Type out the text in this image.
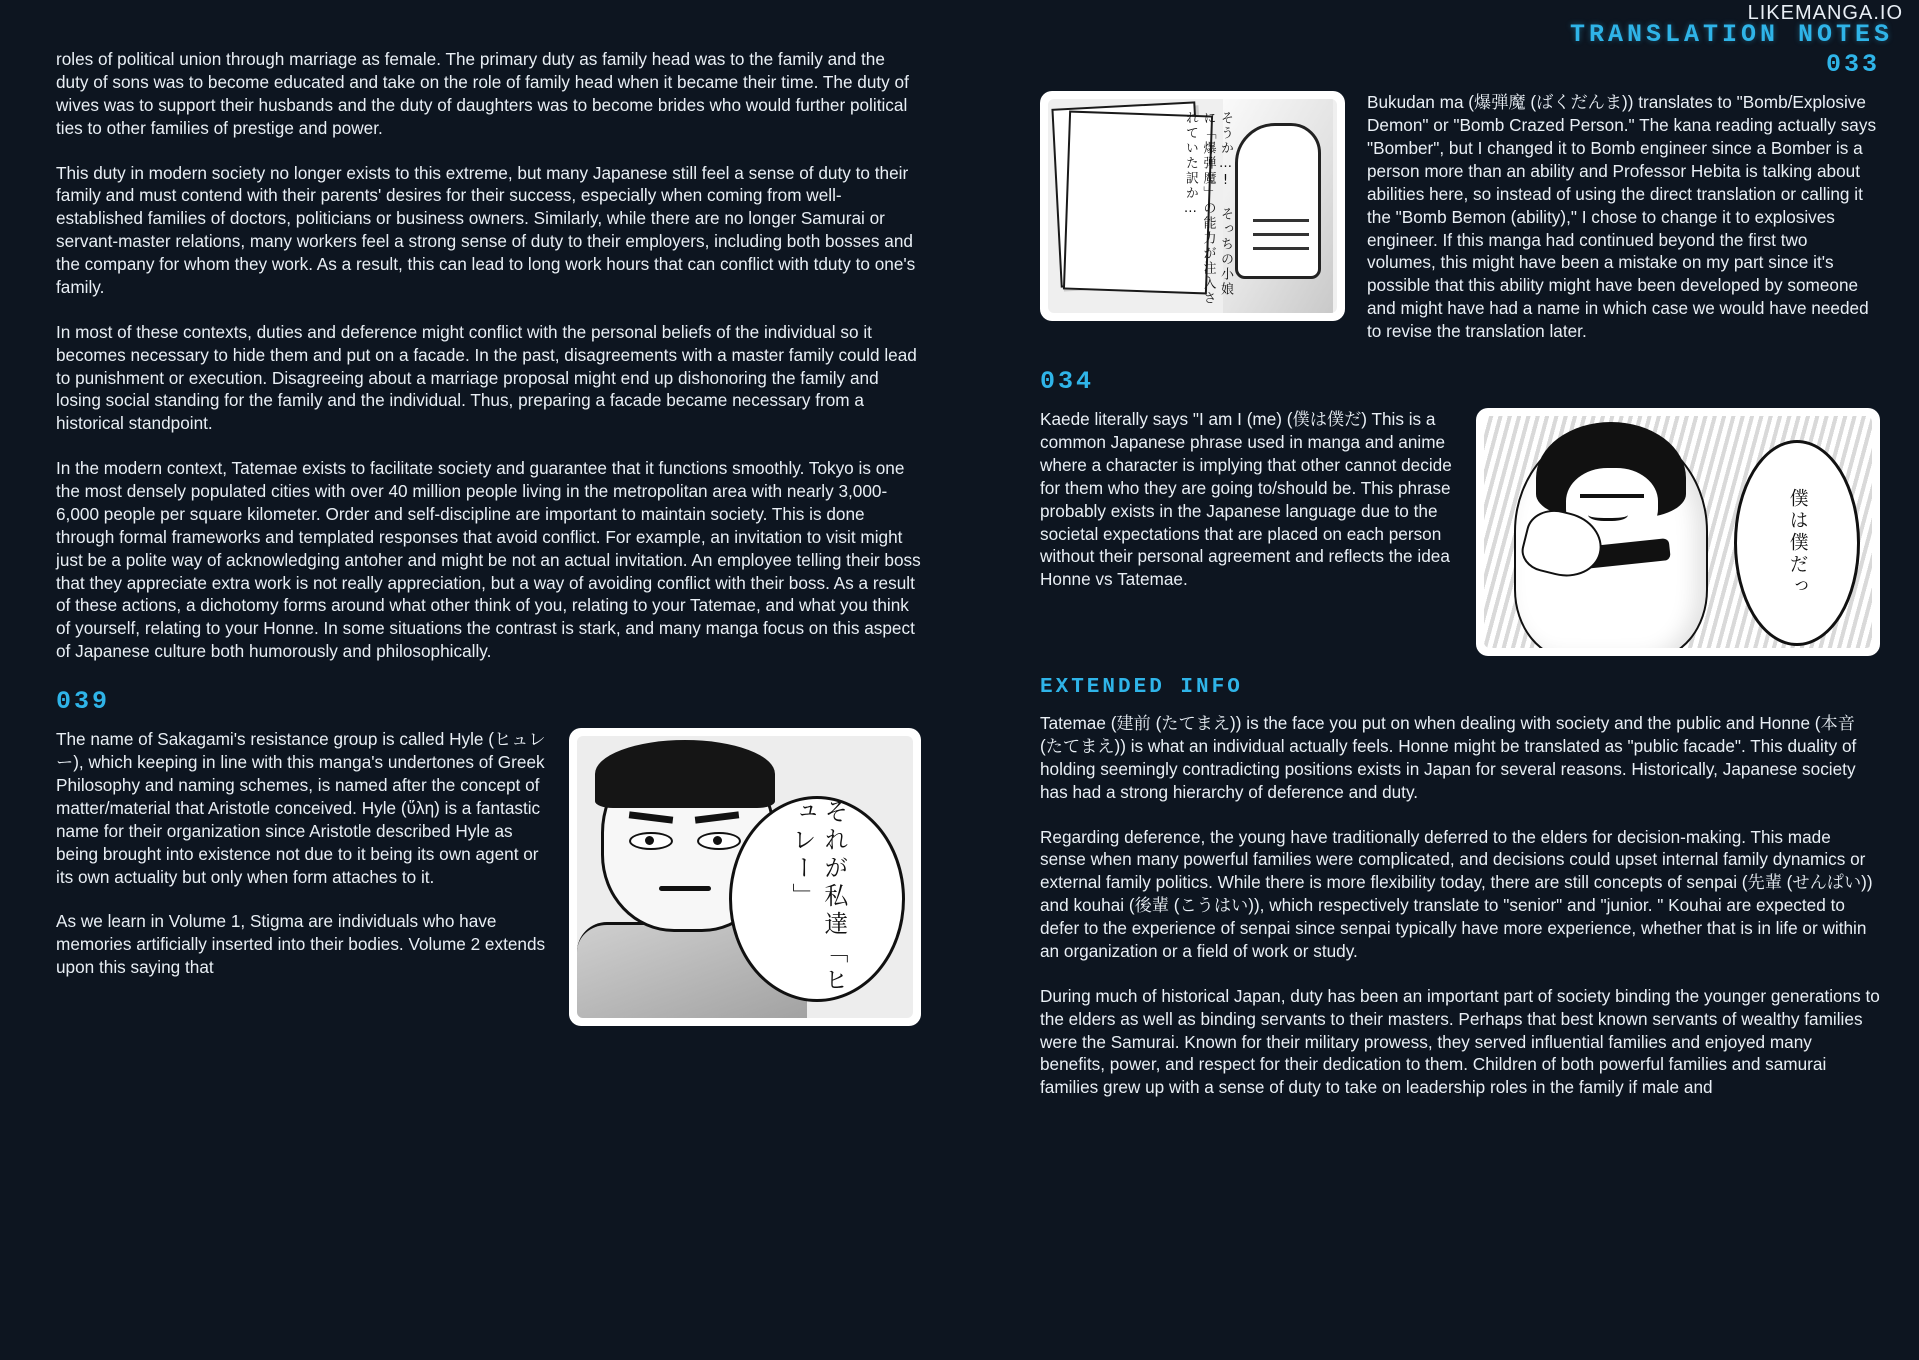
LIKEMANGA.IO
TRANSLATION NOTES

roles of political union through marriage as female. The primary duty as family head was to the family and the duty of sons was to become educated and take on the role of family head when it became their time. The duty of wives was to support their husbands and the duty of daughters was to become brides who would further political ties to other families of prestige and power.

This duty in modern society no longer exists to this extreme, but many Japanese still feel a sense of duty to their family and must contend with their parents' desires for their success, especially when coming from well-established families of doctors, politicians or business owners. Similarly, while there are no longer Samurai or servant-master relations, many workers feel a strong sense of duty to their employers, including both bosses and the company for whom they work. As a result, this can lead to long work hours that can conflict with tduty to one's family.

In most of these contexts, duties and deference might conflict with the personal beliefs of the individual so it becomes necessary to hide them and put on a facade. In the past, disagreements with a master family could lead to punishment or execution. Disagreeing about a marriage proposal might end up dishonoring the family and losing social standing for the family and the individual. Thus, preparing a facade became necessary from a historical standpoint.

In the modern context, Tatemae exists to facilitate society and guarantee that it functions smoothly. Tokyo is one the most densely populated cities with over 40 million people living in the metropolitan area with nearly 3,000-6,000 people per square kilometer. Order and self-discipline are important to maintain society. This is done through formal frameworks and templated responses that avoid conflict. For example, an invitation to visit might just be a polite way of acknowledging antoher and might be not an actual invitation. An employee telling their boss that they appreciate extra work is not really appreciation, but a way of avoiding conflict with their boss. As a result of these actions, a dichotomy forms around what other think of you, relating to your Tatemae, and what you think of yourself, relating to your Honne. In some situations the contrast is stark, and many manga focus on this aspect of Japanese culture both humorously and philosophically.

039
それが私達「ヒュレー」

The name of Sakagami's resistance group is called Hyle (ヒュレー), which keeping in line with this manga's undertones of Greek Philosophy and naming schemes, is named after the concept of matter/material that Aristotle conceived. Hyle (ὕλη) is a fantastic name for their organization since Aristotle described Hyle as being brought into existence not due to it being its own agent or its own actuality but only when form attaches to it.

As we learn in Volume 1, Stigma are individuals who have memories artificially inserted into their bodies. Volume 2 extends upon this saying that

033
そうか…! そっちの小娘に「爆弾魔」の能力が注入されていた訳か…

Bukudan ma (爆弾魔 (ばくだんま)) translates to "Bomb/Explosive Demon" or "Bomb Crazed Person." The kana reading actually says "Bomber", but I changed it to Bomb engineer since a Bomber is a person more than an ability and Professor Hebita is talking about abilities here, so instead of using the direct translation or calling it the "Bomb Bemon (ability)," I chose to change it to explosives engineer. If this manga had continued beyond the first two volumes, this might have been a mistake on my part since it's possible that this ability might have been developed by someone and might have had a name in which case we would have needed to revise the translation later.

034
僕は僕だっ

Kaede literally says "I am I (me) (僕は僕だ) This is a common Japanese phrase used in manga and anime where a character is implying that other cannot decide for them who they are going to/should be. This phrase probably exists in the Japanese language due to the societal expectations that are placed on each person without their personal agreement and reflects the idea Honne vs Tatemae.

EXTENDED INFO

Tatemae (建前 (たてまえ)) is the face you put on when dealing with society and the public and Honne (本音 (たてまえ)) is what an individual actually feels. Honne might be translated as "public facade". This duality of holding seemingly contradicting positions exists in Japan for several reasons. Historically, Japanese society has had a strong hierarchy of deference and duty.

Regarding deference, the young have traditionally deferred to the elders for decision-making. This made sense when many powerful families were complicated, and decisions could upset internal family dynamics or external family politics. While there is more flexibility today, there are still concepts of senpai (先輩 (せんぱい)) and kouhai (後輩 (こうはい)), which respectively translate to "senior" and "junior. " Kouhai are expected to defer to the experience of senpai since senpai typically have more experience, whether that is in life or within an organization or a field of work or study.

During much of historical Japan, duty has been an important part of society binding the younger generations to the elders as well as binding servants to their masters. Perhaps that best known servants of wealthy families were the Samurai. Known for their military prowess, they served influential families and enjoyed many benefits, power, and respect for their dedication to them. Children of both powerful families and samurai families grew up with a sense of duty to take on leadership roles in the family if male and
